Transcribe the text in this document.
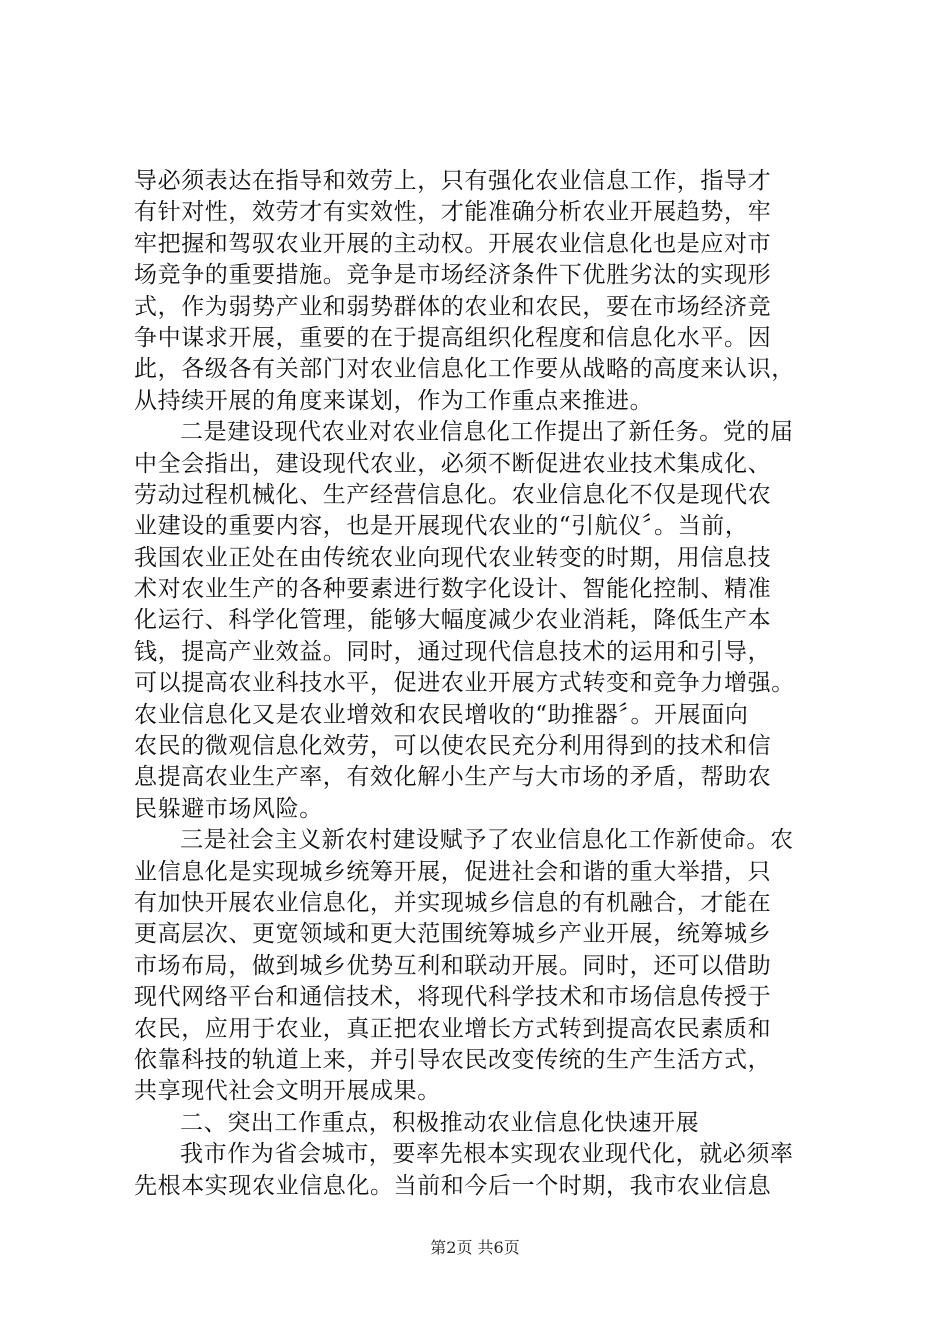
导必须表达在指导和效劳上，只有强化农业信息工作，指导才
有针对性，效劳才有实效性，才能准确分析农业开展趋势，牢
牢把握和驾驭农业开展的主动权。开展农业信息化也是应对市
场竞争的重要措施。竞争是市场经济条件下优胜劣汰的实现形
式，作为弱势产业和弱势群体的农业和农民，要在市场经济竞
争中谋求开展，重要的在于提高组织化程度和信息化水平。因
此，各级各有关部门对农业信息化工作要从战略的高度来认识，
从持续开展的角度来谋划，作为工作重点来推进。
二是建设现代农业对农业信息化工作提出了新任务。党的届
中全会指出，建设现代农业，必须不断促进农业技术集成化、
劳动过程机械化、生产经营信息化。农业信息化不仅是现代农
业建设的重要内容，也是开展现代农业的“引航仪〞。当前，
我国农业正处在由传统农业向现代农业转变的时期，用信息技
术对农业生产的各种要素进行数字化设计、智能化控制、精准
化运行、科学化管理，能够大幅度减少农业消耗，降低生产本
钱，提高产业效益。同时，通过现代信息技术的运用和引导，
可以提高农业科技水平，促进农业开展方式转变和竞争力增强。
农业信息化又是农业增效和农民增收的“助推器〞。开展面向
农民的微观信息化效劳，可以使农民充分利用得到的技术和信
息提高农业生产率，有效化解小生产与大市场的矛盾，帮助农
民躲避市场风险。
三是社会主义新农村建设赋予了农业信息化工作新使命。农
业信息化是实现城乡统筹开展，促进社会和谐的重大举措，只
有加快开展农业信息化，并实现城乡信息的有机融合，才能在
更高层次、更宽领域和更大范围统筹城乡产业开展，统筹城乡
市场布局，做到城乡优势互利和联动开展。同时，还可以借助
现代网络平台和通信技术，将现代科学技术和市场信息传授于
农民，应用于农业，真正把农业增长方式转到提高农民素质和
依靠科技的轨道上来，并引导农民改变传统的生产生活方式，
共享现代社会文明开展成果。
二、突出工作重点，积极推动农业信息化快速开展
我市作为省会城市，要率先根本实现农业现代化，就必须率
先根本实现农业信息化。当前和今后一个时期，我市农业信息
第2页 共6页
